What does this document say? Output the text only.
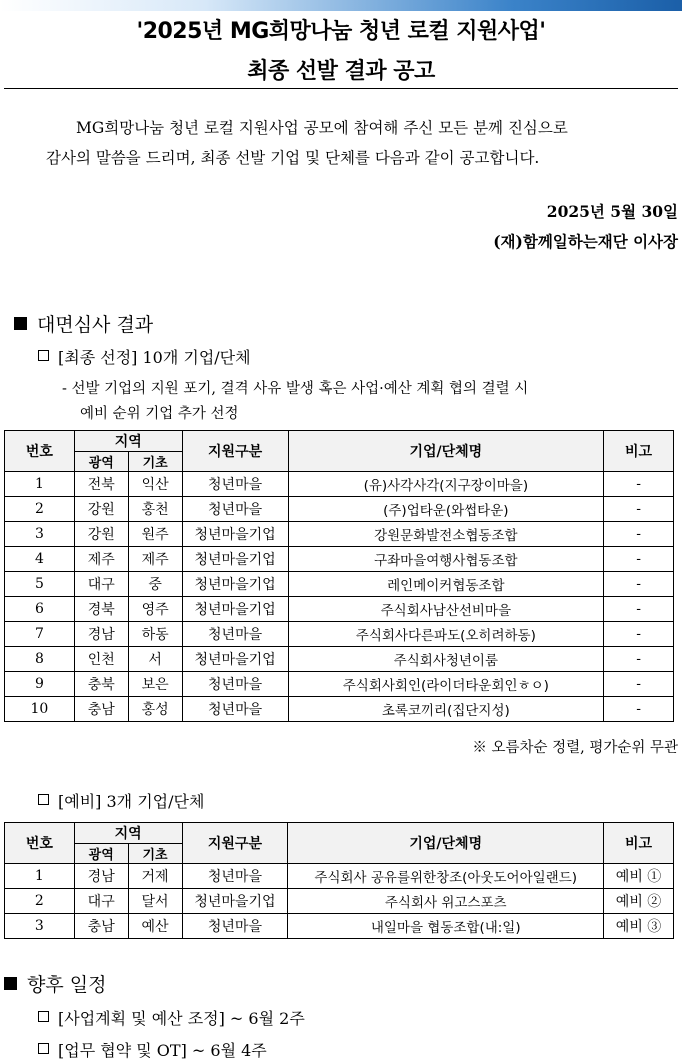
'2025년 MG희망나눔 청년 로컬 지원사업'
최종 선발 결과 공고
MG희망나눔 청년 로컬 지원사업 공모에 참여해 주신 모든 분께 진심으로
감사의 말씀을 드리며, 최종 선발 기업 및 단체를 다음과 같이 공고합니다.
2025년 5월 30일
(재)함께일하는재단 이사장
대면심사 결과
[최종 선정] 10개 기업/단체
- 선발 기업의 지원 포기, 결격 사유 발생 혹은 사업·예산 계획 협의 결렬 시
예비 순위 기업 추가 선정
번호	지역		지원구분	기업/단체명	비고
	광역	기초			
1	전북	익산	청년마을	(유)사각사각(지구장이마을)	-
2	강원	홍천	청년마을	(주)업타운(와썹타운)	-
3	강원	원주	청년마을기업	강원문화발전소협동조합	-
4	제주	제주	청년마을기업	구좌마을여행사협동조합	-
5	대구	중	청년마을기업	레인메이커협동조합	-
6	경북	영주	청년마을기업	주식회사남산선비마을	-
7	경남	하동	청년마을	주식회사다른파도(오히려하동)	-
8	인천	서	청년마을기업	주식회사청년이룸	-
9	충북	보은	청년마을	주식회사회인(라이더타운회인ㅎㅇ)	-
10	충남	홍성	청년마을	초록코끼리(집단지성)	-
※ 오름차순 정렬, 평가순위 무관
[예비] 3개 기업/단체
번호	지역		지원구분	기업/단체명	비고
	광역	기초			
1	경남	거제	청년마을	주식회사 공유를위한창조(아웃도어아일랜드)	예비 ①
2	대구	달서	청년마을기업	주식회사 위고스포츠	예비 ②
3	충남	예산	청년마을	내일마을 협동조합(내:일)	예비 ③
향후 일정
[사업계획 및 예산 조정] ~ 6월 2주
[업무 협약 및 OT] ~ 6월 4주
